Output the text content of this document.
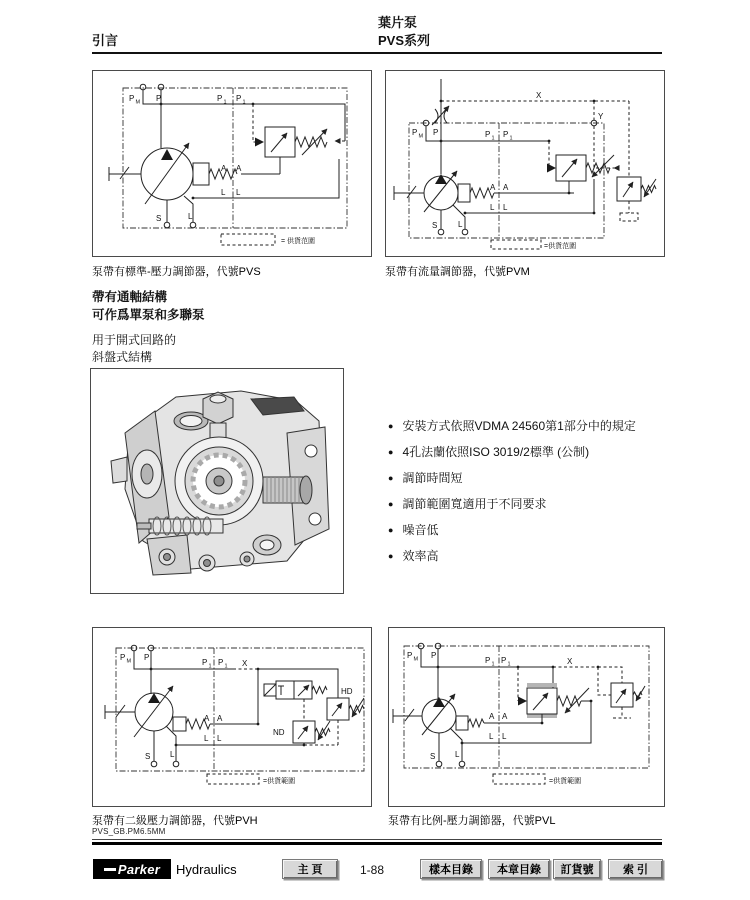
引言
葉片泵
PVS系列
P M P	P 1 P 1
A A
L L
S	L
= 供貨范圍
泵帶有標準-壓力調節器，代號PVS
P M P
X
Y
P 1 P 1
A A
L L
S	L
=供貨范圍
泵帶有流量調節器，代號PVM
帶有通軸結構
可作爲單泵和多聯泵
用于開式回路的
斜盤式結構
● 安裝方式依照VDMA 24560第1部分中的規定
● 4孔法蘭依照ISO 3019/2標準 (公制)
● 調節時間短
● 調節範圍寬適用于不同要求
● 噪音低
● 效率高
P M P
P 1 P 1 X
HD
ND
A A
L L
S L
=供貨範圍
泵帶有二級壓力調節器，代號PVH
P M P
P 1 P 1	X
A A
L L
S L
=供貨範圍
泵帶有比例-壓力調節器，代號PVL
PVS_GB.PM6.5MM
Parker Hydraulics	主 頁	1-88	樣本目錄	本章目錄	訂貨號	索 引
